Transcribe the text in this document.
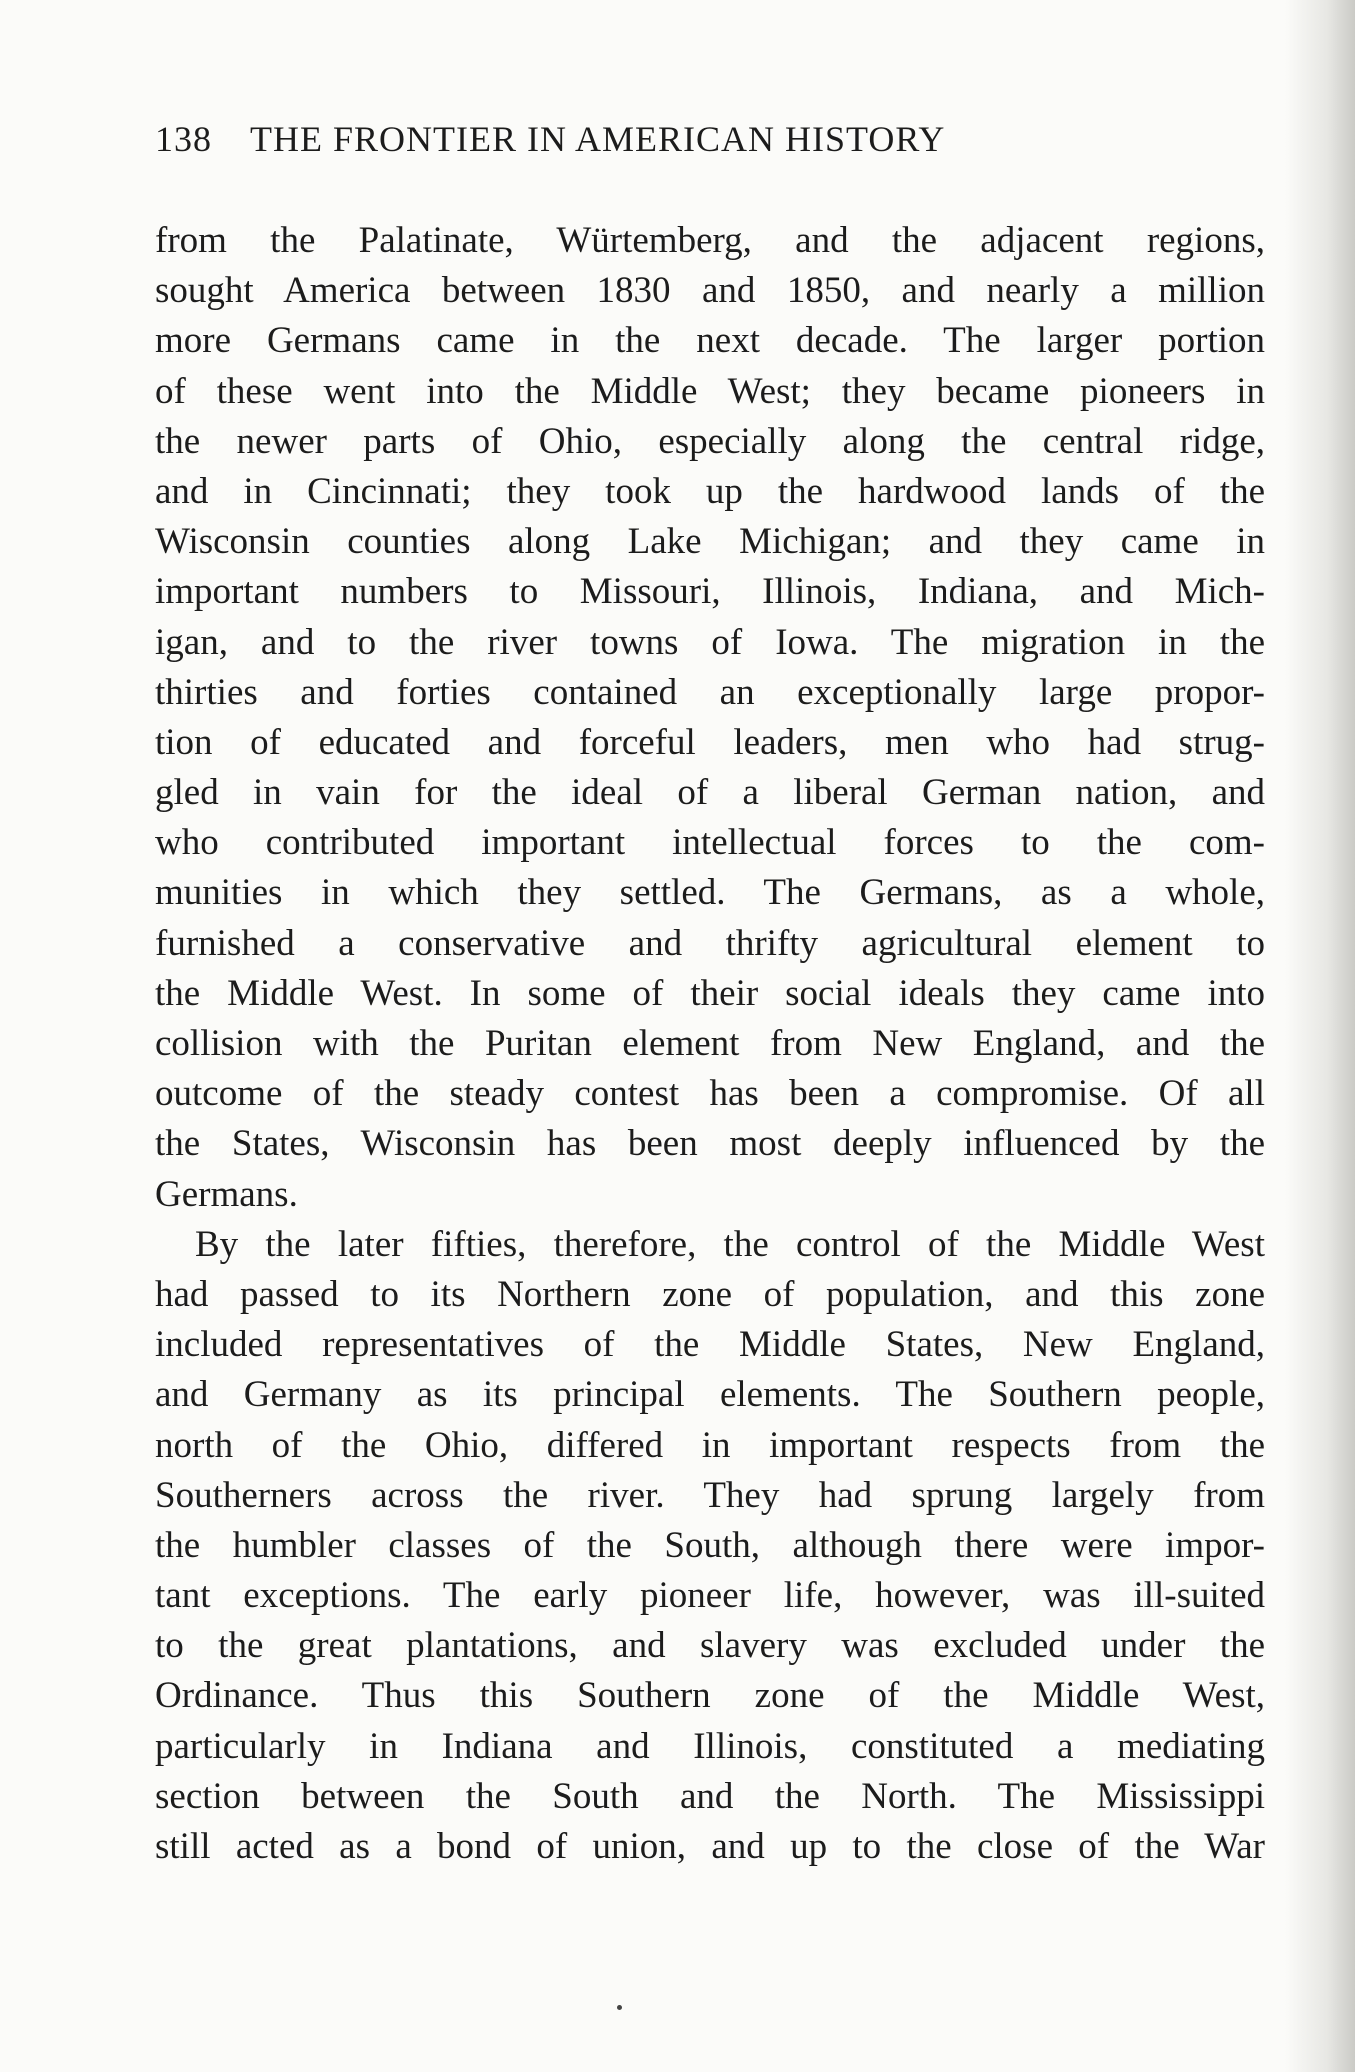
138 THE FRONTIER IN AMERICAN HISTORY
from the Palatinate, Würtemberg, and the adjacent regions,
sought America between 1830 and 1850, and nearly a million
more Germans came in the next decade. The larger portion
of these went into the Middle West; they became pioneers in
the newer parts of Ohio, especially along the central ridge,
and in Cincinnati; they took up the hardwood lands of the
Wisconsin counties along Lake Michigan; and they came in
important numbers to Missouri, Illinois, Indiana, and Mich-
igan, and to the river towns of Iowa. The migration in the
thirties and forties contained an exceptionally large propor-
tion of educated and forceful leaders, men who had strug-
gled in vain for the ideal of a liberal German nation, and
who contributed important intellectual forces to the com-
munities in which they settled. The Germans, as a whole,
furnished a conservative and thrifty agricultural element to
the Middle West. In some of their social ideals they came into
collision with the Puritan element from New England, and the
outcome of the steady contest has been a compromise. Of all
the States, Wisconsin has been most deeply influenced by the
Germans.
By the later fifties, therefore, the control of the Middle West
had passed to its Northern zone of population, and this zone
included representatives of the Middle States, New England,
and Germany as its principal elements. The Southern people,
north of the Ohio, differed in important respects from the
Southerners across the river. They had sprung largely from
the humbler classes of the South, although there were impor-
tant exceptions. The early pioneer life, however, was ill-suited
to the great plantations, and slavery was excluded under the
Ordinance. Thus this Southern zone of the Middle West,
particularly in Indiana and Illinois, constituted a mediating
section between the South and the North. The Mississippi
still acted as a bond of union, and up to the close of the War
